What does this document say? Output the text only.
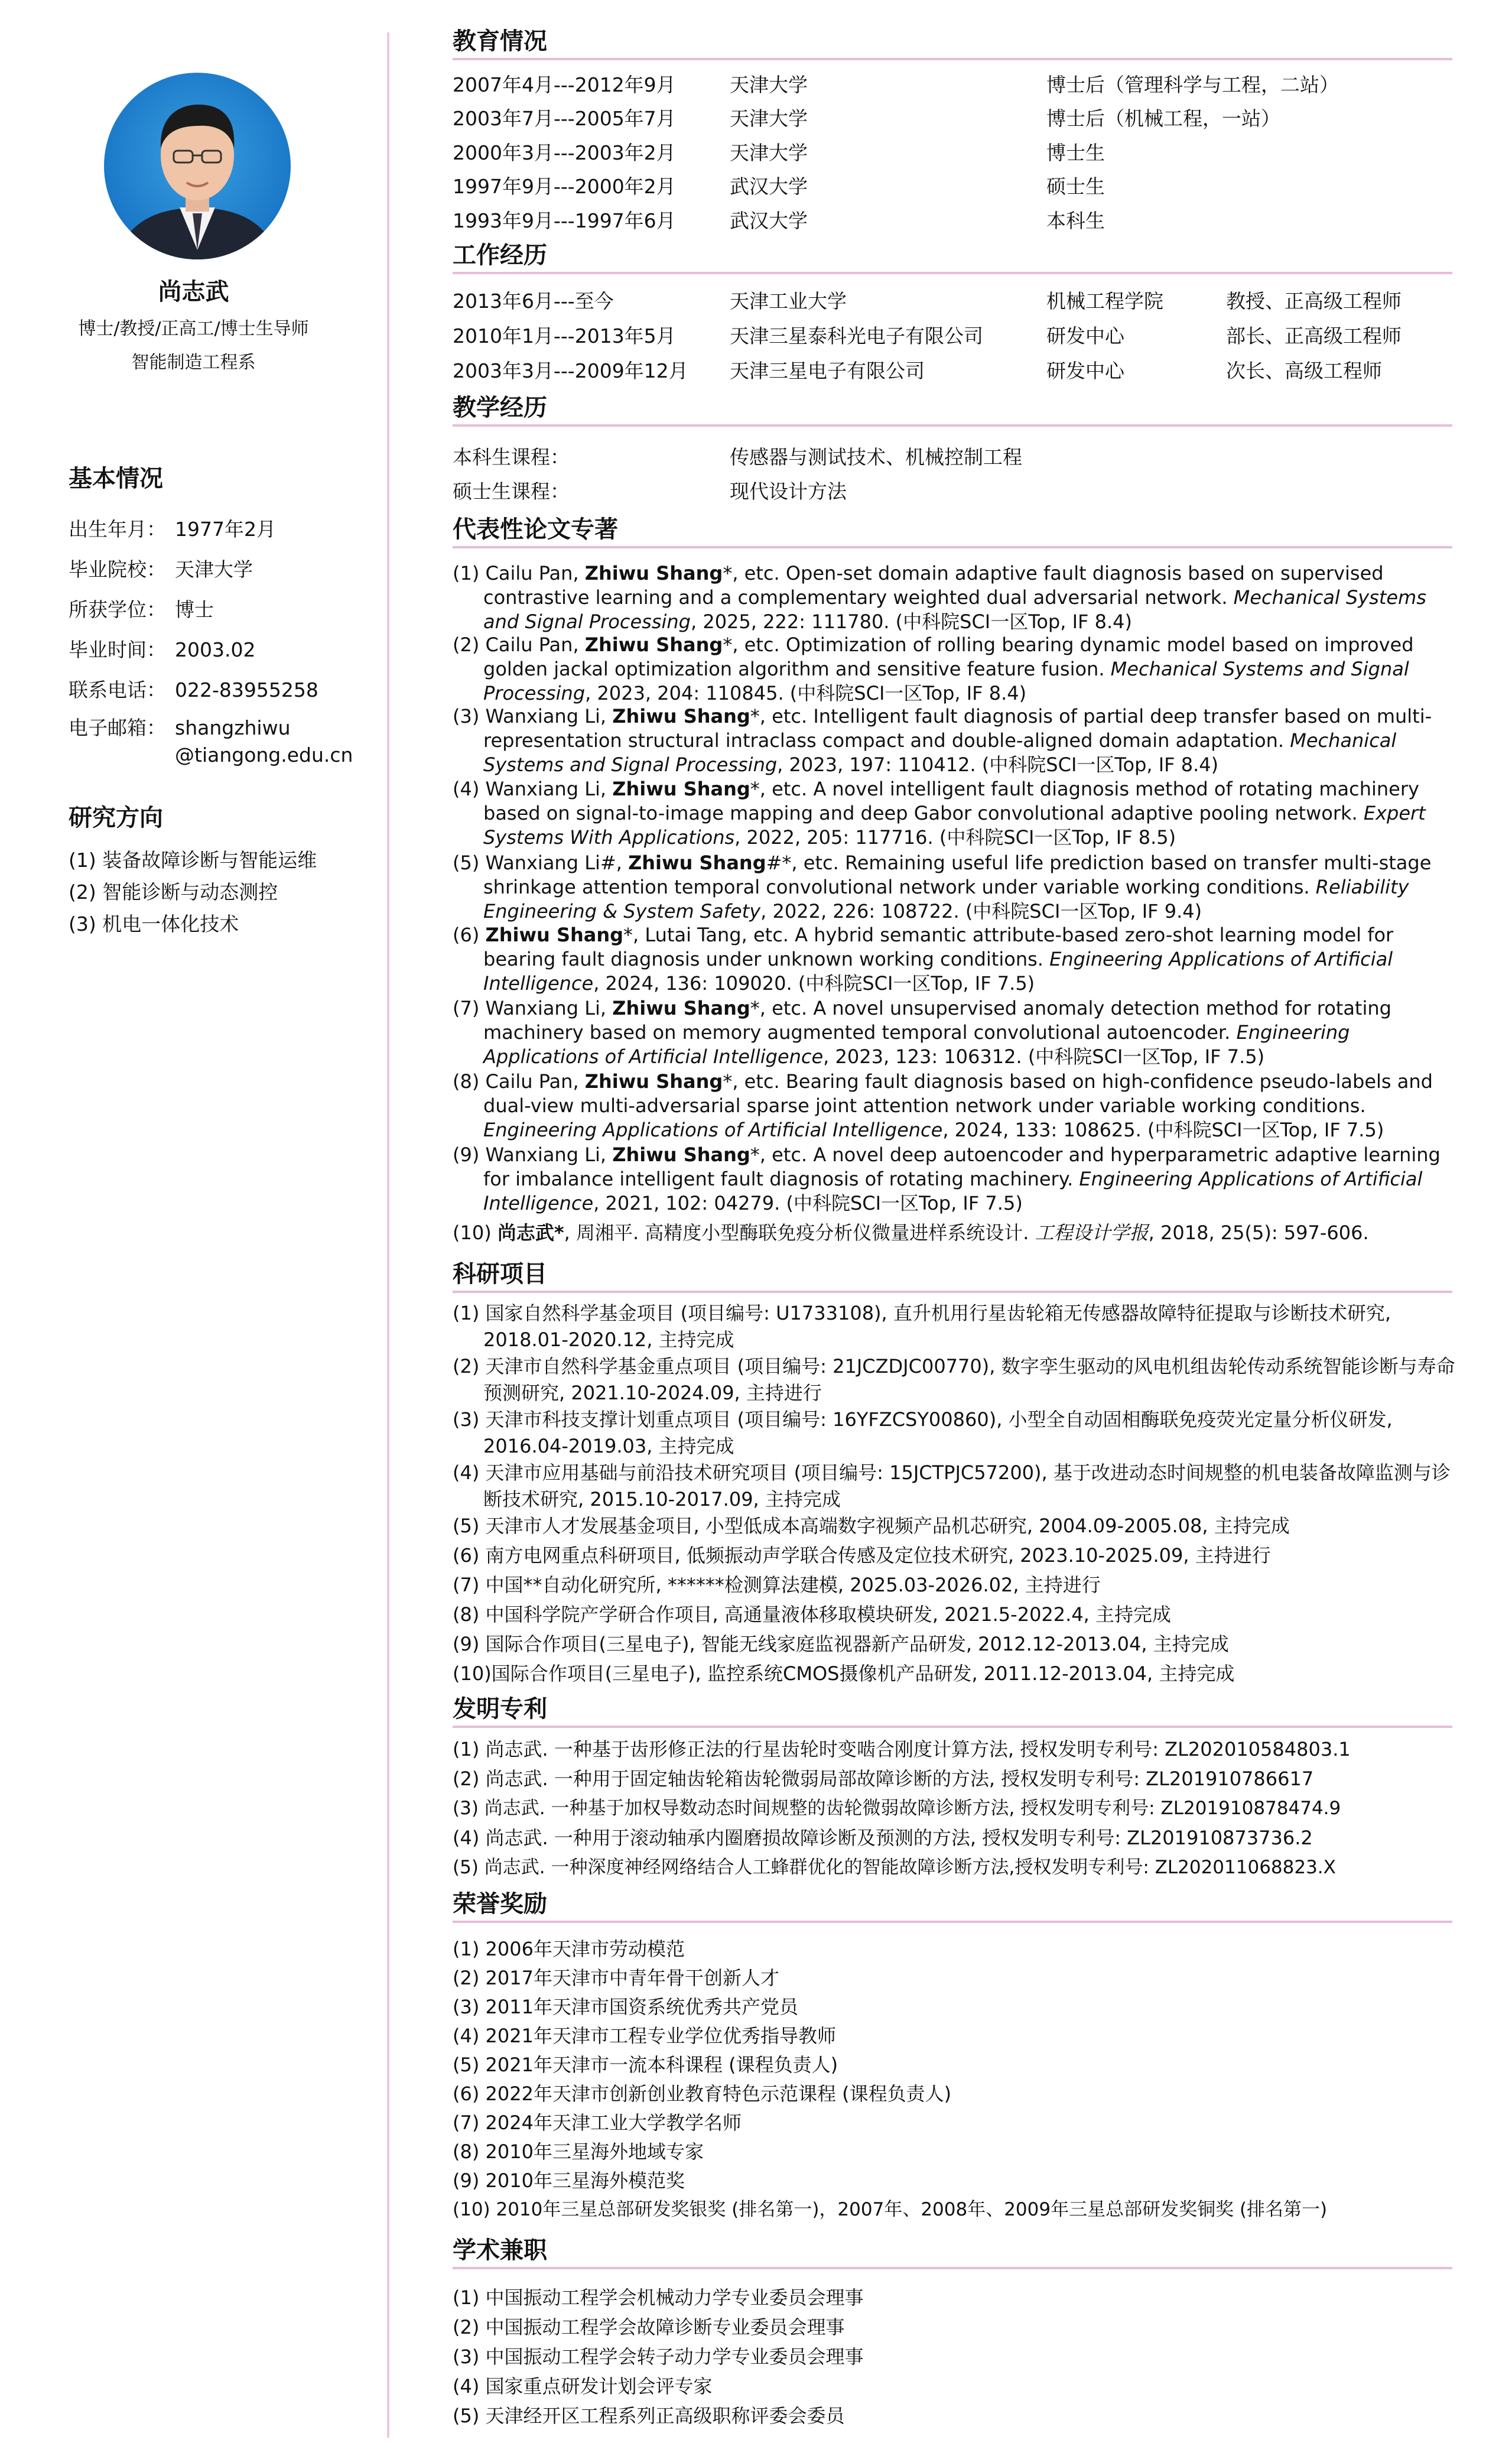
尚志武
博士/教授/正高工/博士生导师
智能制造工程系
基本情况
出生年月： 1977年2月
毕业院校： 天津大学
所获学位： 博士
毕业时间： 2003.02
联系电话： 022-83955258
电子邮箱： shangzhiwu
@tiangong.edu.cn
研究方向
(1) 装备故障诊断与智能运维
(2) 智能诊断与动态测控
(3) 机电一体化技术
教育情况
2007年4月---2012年9月	天津大学	博士后（管理科学与工程，二站）
2003年7月---2005年7月	天津大学	博士后（机械工程，一站）
2000年3月---2003年2月	天津大学	博士生
1997年9月---2000年2月	武汉大学	硕士生
1993年9月---1997年6月	武汉大学	本科生
工作经历
2013年6月---至今	天津工业大学	机械工程学院	教授、正高级工程师
2010年1月---2013年5月	天津三星泰科光电子有限公司	研发中心	部长、正高级工程师
2003年3月---2009年12月 天津三星电子有限公司	研发中心	次长、高级工程师
教学经历
本科生课程：	传感器与测试技术、机械控制工程
硕士生课程：	现代设计方法
代表性论文专著
(1) Cailu Pan, Zhiwu Shang*, etc. Open-set domain adaptive fault diagnosis based on supervised contrastive learning and a complementary weighted dual adversarial network. Mechanical Systems and Signal Processing, 2025, 222: 111780. (中科院SCI一区Top, IF 8.4)
(2) Cailu Pan, Zhiwu Shang*, etc. Optimization of rolling bearing dynamic model based on improved golden jackal optimization algorithm and sensitive feature fusion. Mechanical Systems and Signal Processing, 2023, 204: 110845. (中科院SCI一区Top, IF 8.4)
(3) Wanxiang Li, Zhiwu Shang*, etc. Intelligent fault diagnosis of partial deep transfer based on multi-representation structural intraclass compact and double-aligned domain adaptation. Mechanical Systems and Signal Processing, 2023, 197: 110412. (中科院SCI一区Top, IF 8.4)
(4) Wanxiang Li, Zhiwu Shang*, etc. A novel intelligent fault diagnosis method of rotating machinery based on signal-to-image mapping and deep Gabor convolutional adaptive pooling network. Expert Systems With Applications, 2022, 205: 117716. (中科院SCI一区Top, IF 8.5)
(5) Wanxiang Li#, Zhiwu Shang#*, etc. Remaining useful life prediction based on transfer multi-stage shrinkage attention temporal convolutional network under variable working conditions. Reliability Engineering & System Safety, 2022, 226: 108722. (中科院SCI一区Top, IF 9.4)
(6) Zhiwu Shang*, Lutai Tang, etc. A hybrid semantic attribute-based zero-shot learning model for bearing fault diagnosis under unknown working conditions. Engineering Applications of Artificial Intelligence, 2024, 136: 109020. (中科院SCI一区Top, IF 7.5)
(7) Wanxiang Li, Zhiwu Shang*, etc. A novel unsupervised anomaly detection method for rotating machinery based on memory augmented temporal convolutional autoencoder. Engineering Applications of Artificial Intelligence, 2023, 123: 106312. (中科院SCI一区Top, IF 7.5)
(8) Cailu Pan, Zhiwu Shang*, etc. Bearing fault diagnosis based on high-confidence pseudo-labels and dual-view multi-adversarial sparse joint attention network under variable working conditions. Engineering Applications of Artificial Intelligence, 2024, 133: 108625. (中科院SCI一区Top, IF 7.5)
(9) Wanxiang Li, Zhiwu Shang*, etc. A novel deep autoencoder and hyperparametric adaptive learning for imbalance intelligent fault diagnosis of rotating machinery. Engineering Applications of Artificial Intelligence, 2021, 102: 04279. (中科院SCI一区Top, IF 7.5)
(10) 尚志武*, 周湘平. 高精度小型酶联免疫分析仪微量进样系统设计. 工程设计学报, 2018, 25(5): 597-606.
科研项目
(1) 国家自然科学基金项目 (项目编号: U1733108), 直升机用行星齿轮箱无传感器故障特征提取与诊断技术研究, 2018.01-2020.12, 主持完成
(2) 天津市自然科学基金重点项目 (项目编号: 21JCZDJC00770), 数字孪生驱动的风电机组齿轮传动系统智能诊断与寿命预测研究, 2021.10-2024.09, 主持进行
(3) 天津市科技支撑计划重点项目 (项目编号: 16YFZCSY00860), 小型全自动固相酶联免疫荧光定量分析仪研发, 2016.04-2019.03, 主持完成
(4) 天津市应用基础与前沿技术研究项目 (项目编号: 15JCTPJC57200), 基于改进动态时间规整的机电装备故障监测与诊断技术研究, 2015.10-2017.09, 主持完成
(5) 天津市人才发展基金项目, 小型低成本高端数字视频产品机芯研究, 2004.09-2005.08, 主持完成
(6) 南方电网重点科研项目, 低频振动声学联合传感及定位技术研究, 2023.10-2025.09, 主持进行
(7) 中国**自动化研究所, ******检测算法建模, 2025.03-2026.02, 主持进行
(8) 中国科学院产学研合作项目, 高通量液体移取模块研发, 2021.5-2022.4, 主持完成
(9) 国际合作项目(三星电子), 智能无线家庭监视器新产品研发, 2012.12-2013.04, 主持完成
(10)国际合作项目(三星电子), 监控系统CMOS摄像机产品研发, 2011.12-2013.04, 主持完成
发明专利
(1) 尚志武. 一种基于齿形修正法的行星齿轮时变啮合刚度计算方法, 授权发明专利号: ZL202010584803.1
(2) 尚志武. 一种用于固定轴齿轮箱齿轮微弱局部故障诊断的方法, 授权发明专利号: ZL201910786617
(3) 尚志武. 一种基于加权导数动态时间规整的齿轮微弱故障诊断方法, 授权发明专利号: ZL201910878474.9
(4) 尚志武. 一种用于滚动轴承内圈磨损故障诊断及预测的方法, 授权发明专利号: ZL201910873736.2
(5) 尚志武. 一种深度神经网络结合人工蜂群优化的智能故障诊断方法,授权发明专利号: ZL202011068823.X
荣誉奖励
(1) 2006年天津市劳动模范
(2) 2017年天津市中青年骨干创新人才
(3) 2011年天津市国资系统优秀共产党员
(4) 2021年天津市工程专业学位优秀指导教师
(5) 2021年天津市一流本科课程 (课程负责人)
(6) 2022年天津市创新创业教育特色示范课程 (课程负责人)
(7) 2024年天津工业大学教学名师
(8) 2010年三星海外地域专家
(9) 2010年三星海外模范奖
(10) 2010年三星总部研发奖银奖 (排名第一)，2007年、2008年、2009年三星总部研发奖铜奖 (排名第一)
学术兼职
(1) 中国振动工程学会机械动力学专业委员会理事
(2) 中国振动工程学会故障诊断专业委员会理事
(3) 中国振动工程学会转子动力学专业委员会理事
(4) 国家重点研发计划会评专家
(5) 天津经开区工程系列正高级职称评委会委员
